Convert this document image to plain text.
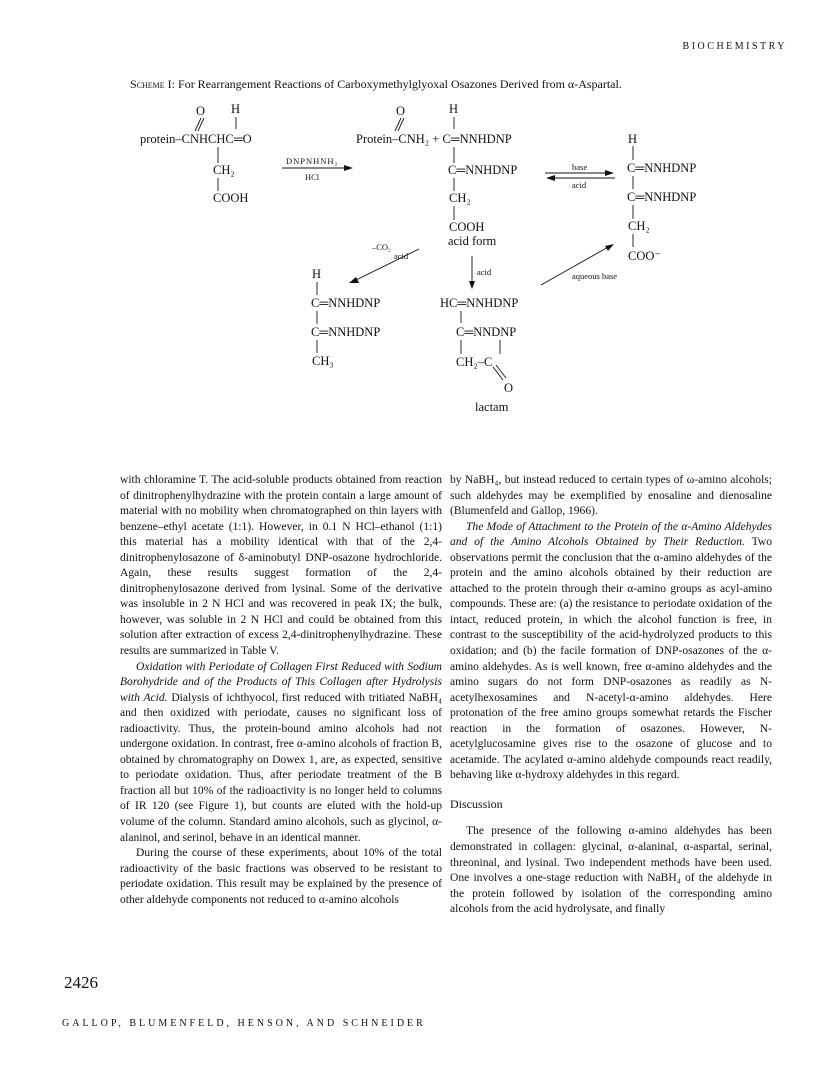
BIOCHEMISTRY
Scheme I: For Rearrangement Reactions of Carboxymethylglyoxal Osazones Derived from α-Aspartal.
O H
protein–CNHCHC═O
CH₂
COOH
DNPNHNH₂
HCl
O	H
Protein–CNH₂ + C═NNHDNP
C═NNHDNP
CH₂
COOH
acid form
base
acid
H
C═NNHDNP
C═NNHDNP
CH₂
COO⁻
–CO₂
acid
H
C═NNHDNP
C═NNHDNP
CH₃
acid	aqueous base
HC═NNHDNP
C═NNDNP
CH₂–C
O
lactam

with chloramine T. The acid-soluble products obtained from reaction of dinitrophenylhydrazine with the protein contain a large amount of material with no mobility when chromatographed on thin layers with benzene–ethyl acetate (1:1). However, in 0.1 N HCl–ethanol (1:1) this material has a mobility identical with that of the 2,4-dinitrophenylosazone of δ-aminobutyl DNP-osazone hydrochloride. Again, these results suggest formation of the 2,4-dinitrophenylosazone derived from lysinal. Some of the derivative was insoluble in 2 N HCl and was recovered in peak IX; the bulk, however, was soluble in 2 N HCl and could be obtained from this solution after extraction of excess 2,4-dinitrophenylhydrazine. These results are summarized in Table V.

Oxidation with Periodate of Collagen First Reduced with Sodium Borohydride and of the Products of This Collagen after Hydrolysis with Acid. Dialysis of ichthyocol, first reduced with tritiated NaBH₄ and then oxidized with periodate, causes no significant loss of radioactivity. Thus, the protein-bound amino alcohols had not undergone oxidation. In contrast, free α-amino alcohols of fraction B, obtained by chromatography on Dowex 1, are, as expected, sensitive to periodate oxidation. Thus, after periodate treatment of the B fraction all but 10% of the radioactivity is no longer held to columns of IR 120 (see Figure 1), but counts are eluted with the hold-up volume of the column. Standard amino alcohols, such as glycinol, α-alaninol, and serinol, behave in an identical manner.

During the course of these experiments, about 10% of the total radioactivity of the basic fractions was observed to be resistant to periodate oxidation. This result may be explained by the presence of other aldehyde components not reduced to α-amino alcohols

by NaBH₄, but instead reduced to certain types of ω-amino alcohols; such aldehydes may be exemplified by enosaline and dienosaline (Blumenfeld and Gallop, 1966).

The Mode of Attachment to the Protein of the α-Amino Aldehydes and of the Amino Alcohols Obtained by Their Reduction. Two observations permit the conclusion that the α-amino aldehydes of the protein and the amino alcohols obtained by their reduction are attached to the protein through their α-amino groups as acyl-amino compounds. These are: (a) the resistance to periodate oxidation of the intact, reduced protein, in which the alcohol function is free, in contrast to the susceptibility of the acid-hydrolyzed products to this oxidation; and (b) the facile formation of DNP-osazones of the α-amino aldehydes. As is well known, free α-amino aldehydes and the amino sugars do not form DNP-osazones as readily as N-acetylhexosamines and N-acetyl-α-amino aldehydes. Here protonation of the free amino groups somewhat retards the Fischer reaction in the formation of osazones. However, N-acetylglucosamine gives rise to the osazone of glucose and to acetamide. The acylated α-amino aldehyde compounds react readily, behaving like α-hydroxy aldehydes in this regard.

Discussion

The presence of the following α-amino aldehydes has been demonstrated in collagen: glycinal, α-alaninal, α-aspartal, serinal, threoninal, and lysinal. Two independent methods have been used. One involves a one-stage reduction with NaBH₄ of the aldehyde in the protein followed by isolation of the corresponding amino alcohols from the acid hydrolysate, and finally

2426
GALLOP, BLUMENFELD, HENSON, AND SCHNEIDER
